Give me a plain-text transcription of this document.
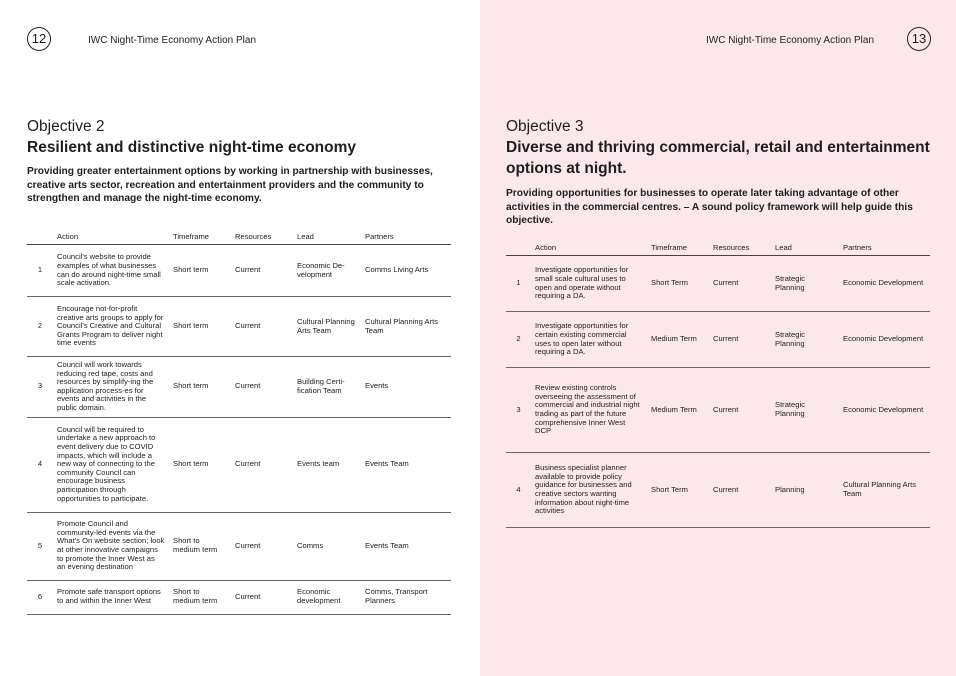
12	IWC Night-Time Economy Action Plan
Objective 2
Resilient and distinctive night-time economy

Providing greater entertainment options by working in partnership with businesses, creative arts sector, recreation and entertainment providers and the community to strengthen and manage the night-time economy.

	Action	Timeframe	Resources	Lead	Partners
1	Council's website to provide examples of what businesses can do around night-time small scale activation.	Short term	Current	Economic De-velopment	Comms Living Arts
2	Encourage not-for-profit creative arts groups to apply for Council's Creative and Cultural Grants Program to deliver night time events	Short term	Current	Cultural Planning Arts Team	Cultural Planning Arts Team
3	Council will work towards reducing red tape, costs and resources by simplify-ing the application process-es for events and activities in the public domain.	Short term	Current	Building Certi-fication Team	Events
4	Council will be required to undertake a new approach to event delivery due to COVID impacts, which will include a new way of connecting to the community Council can encourage business participation through opportunities to participate.	Short term	Current	Events team	Events Team
5	Promote Council and community-led events via the What's On website section; look at other innovative campaigns to promote the Inner West as an evening destination	Short to medium term	Current	Comms	Events Team
6	Promote safe transport options to and within the Inner West	Short to medium term	Current	Economic development	Comms, Transport Planners
IWC Night-Time Economy Action Plan	13
Objective 3
Diverse and thriving commercial, retail and entertainment options at night.

Providing opportunities for businesses to operate later taking advantage of other activities in the commercial centres. – A sound policy framework will help guide this objective.

	Action	Timeframe	Resources	Lead	Partners
1	Investigate opportunities for small scale cultural uses to open and operate without requiring a DA.	Short Term	Current	Strategic Planning	Economic Development
2	Investigate opportunities for certain existing commercial uses to open later without requiring a DA.	Medium Term	Current	Strategic Planning	Economic Development
3	Review existing controls overseeing the assessment of commercial and industrial night trading as part of the future comprehensive Inner West DCP	Medium Term	Current	Strategic Planning	Economic Development
4	Business specialist planner available to provide policy guidance for businesses and creative sectors wanting information about night-time activities	Short Term	Current	Planning	Cultural Planning Arts Team
